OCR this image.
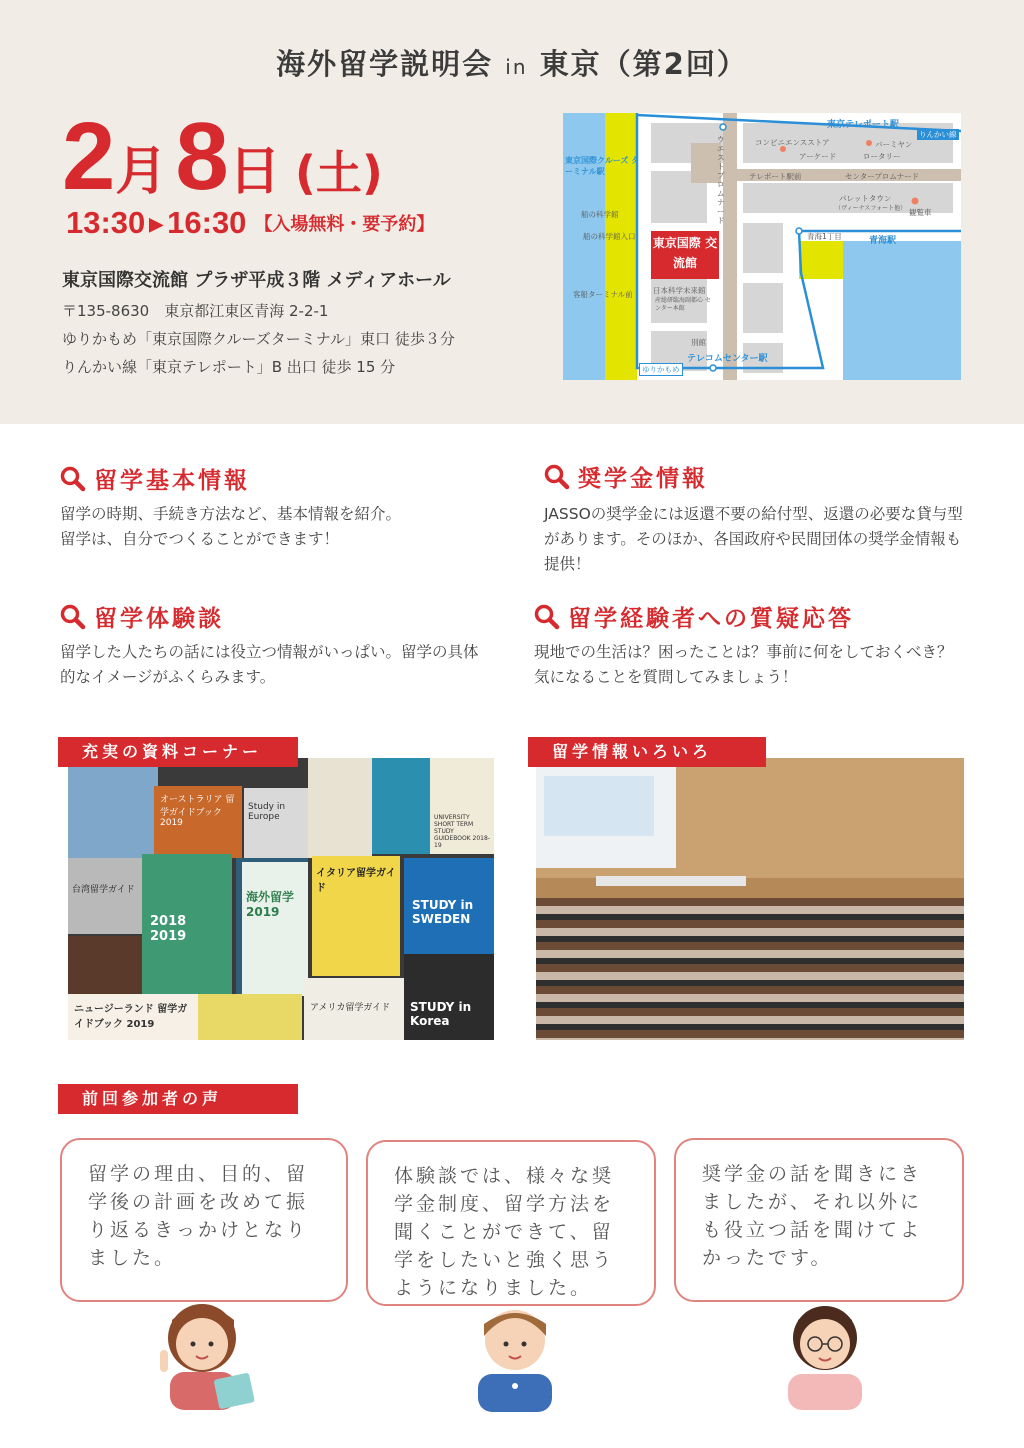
海外留学説明会 in 東京（第2回）
2月8日 (土)
13:30 ▶ 16:30 【入場無料・要予約】
東京国際交流館 プラザ平成３階 メディアホール
〒135-8630　東京都江東区青海 2-2-1
ゆりかもめ「東京国際クルーズターミナル」東口 徒歩３分
りんかい線「東京テレポート」B 出口 徒歩 15 分
東京テレポート駅
りんかい線
東京国際クルーズ ターミナル駅
コンビニエンスストア	バーミヤン
アーケード	ロータリー
ウエストプロムナード
テレポート駅前	センタープロムナード
パレットタウン
（ヴィーナスフォート他） 観覧車
船の科学館
船の科学館入口	青海1丁目	青海駅
東京国際 交流館
日本科学未来館
産総研臨海副都心 センター本館
客船ターミナル前
別館
テレコムセンター駅
ゆりかもめ
留学基本情報
留学の時期、手続き方法など、基本情報を紹介。
留学は、自分でつくることができます！
奨学金情報
JASSOの奨学金には返還不要の給付型、返還の必要な貸与型があります。そのほか、各国政府や民間団体の奨学金情報も提供！
留学体験談
留学した人たちの話には役立つ情報がいっぱい。留学の具体的なイメージがふくらみます。
留学経験者への質疑応答
現地での生活は？困ったことは？事前に何をしておくべき？気になることを質問してみましょう！
オーストラリア 留学ガイドブック2019
Study in Europe	UNIVERSITY SHORT TERM STUDY GUIDEBOOK 2018-19
台湾留学ガイド
2018 2019
海外留学 2019
イタリア留学ガイド
STUDY in SWEDEN
ニュージーランド 留学ガイドブック 2019
アメリカ留学ガイド	STUDY in Korea
充実の資料コーナー	留学情報いろいろ
前回参加者の声
留学の理由、目的、留学後の計画を改めて振り返るきっかけとなりました。
体験談では、様々な奨学金制度、留学方法を聞くことができて、留学をしたいと強く思うようになりました。
奨学金の話を聞きにきましたが、それ以外にも役立つ話を聞けてよかったです。
